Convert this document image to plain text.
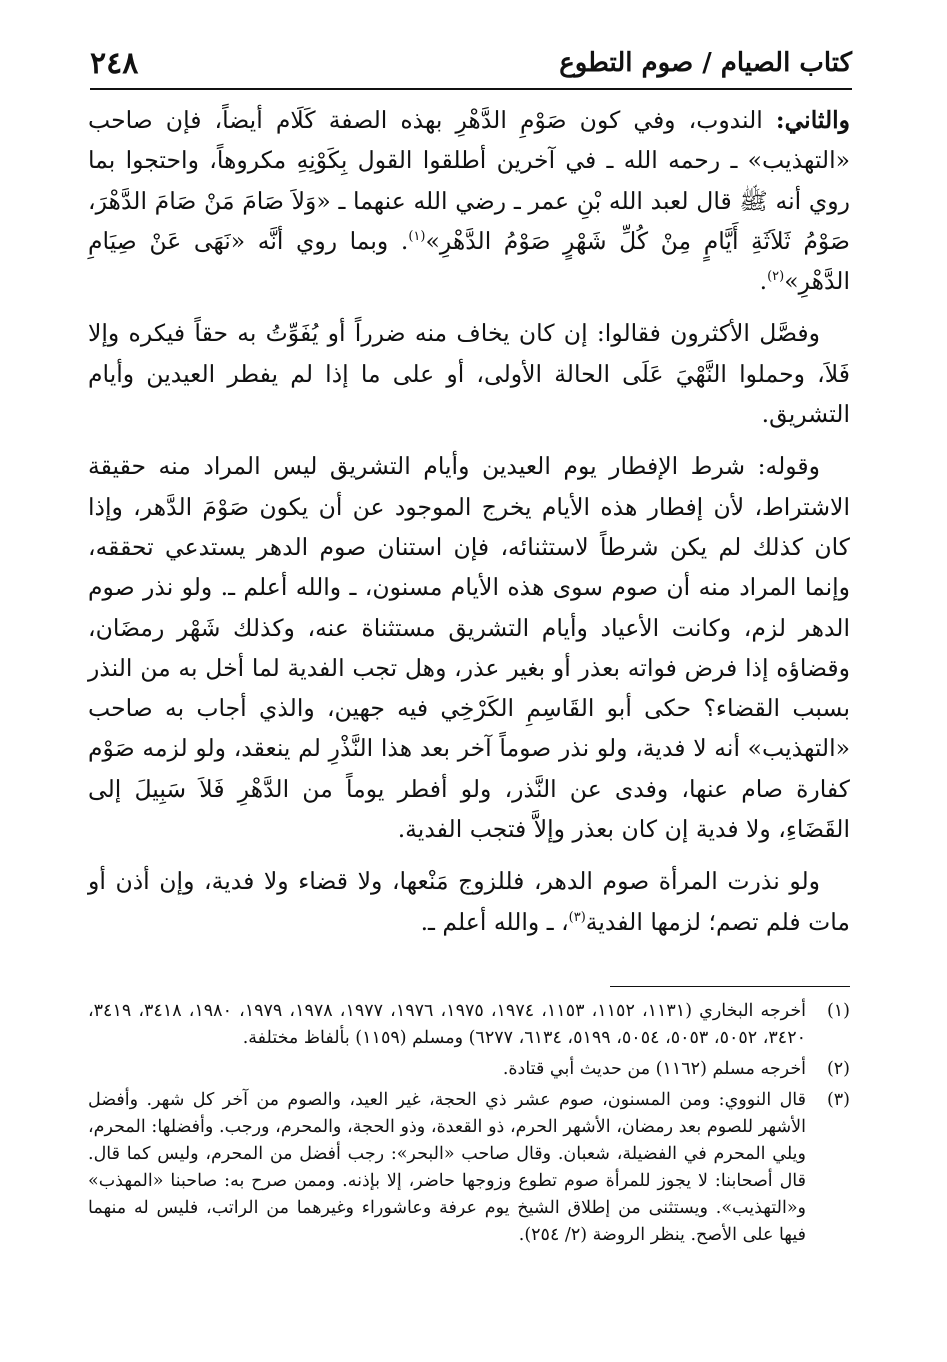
كتاب الصيام / صوم التطوع
٢٤٨

والثاني: الندوب، وفي كون صَوْمِ الدَّهْرِ بهذه الصفة كَلَام أيضاً، فإن صاحب «التهذيب» ـ رحمه الله ـ في آخرين أطلقوا القول بِكَوْنِهِ مكروهاً، واحتجوا بما روي أنه ﷺ قال لعبد الله بْنِ عمر ـ رضي الله عنهما ـ «وَلاَ صَامَ مَنْ صَامَ الدَّهْرَ، صَوْمُ ثَلاَثَةِ أَيَّامٍ مِنْ كُلِّ شَهْرٍ صَوْمُ الدَّهْرِ»$^{(١)}$. وبما روي أنَّه «نَهَى عَنْ صِيَامِ الدَّهْرِ»$^{(٢)}$.

وفصَّل الأكثرون فقالوا: إن كان يخاف منه ضرراً أو يُفَوِّتُ به حقاً فيكره وإلا فَلاَ، وحملوا النَّهْيَ عَلَى الحالة الأولى، أو على ما إذا لم يفطر العيدين وأيام التشريق.

وقوله: شرط الإفطار يوم العيدين وأيام التشريق ليس المراد منه حقيقة الاشتراط، لأن إفطار هذه الأيام يخرج الموجود عن أن يكون صَوْمَ الدَّهر، وإذا كان كذلك لم يكن شرطاً لاستثنائه، فإن استنان صوم الدهر يستدعي تحققه، وإنما المراد منه أن صوم سوى هذه الأيام مسنون، ـ والله أعلم ـ. ولو نذر صوم الدهر لزم، وكانت الأعياد وأيام التشريق مستثناة عنه، وكذلك شَهْر رمضَان، وقضاؤه إذا فرض فواته بعذر أو بغير عذر، وهل تجب الفدية لما أخل به من النذر بسبب القضاء؟ حكى أبو القَاسِمِ الكَرْخِي فيه جهين، والذي أجاب به صاحب «التهذيب» أنه لا فدية، ولو نذر صوماً آخر بعد هذا النَّذْرِ لم ينعقد، ولو لزمه صَوْم كفارة صام عنها، وفدى عن النَّذر، ولو أفطر يوماً من الدَّهْرِ فَلاَ سَبِيلَ إلى القَضَاءِ، ولا فدية إن كان بعذر وإلاَّ فتجب الفدية.

ولو نذرت المرأة صوم الدهر، فللزوج مَنْعها، ولا قضاء ولا فدية، وإن أذن أو مات فلم تصم؛ لزمها الفدية$^{(٣)}$، ـ والله أعلم ـ.

(١)
أخرجه البخاري (١١٣١، ١١٥٢، ١١٥٣، ١٩٧٤، ١٩٧٥، ١٩٧٦، ١٩٧٧، ١٩٧٨، ١٩٧٩، ١٩٨٠، ٣٤١٨، ٣٤١٩، ٣٤٢٠، ٥٠٥٢، ٥٠٥٣، ٥٠٥٤، ٥١٩٩، ٦١٣٤، ٦٢٧٧) ومسلم (١١٥٩) بألفاظ مختلفة.
(٢)
أخرجه مسلم (١١٦٢) من حديث أبي قتادة.
(٣)
قال النووي: ومن المسنون، صوم عشر ذي الحجة، غير العيد، والصوم من آخر كل شهر. وأفضل الأشهر للصوم بعد رمضان، الأشهر الحرم، ذو القعدة، وذو الحجة، والمحرم، ورجب. وأفضلها: المحرم، ويلي المحرم في الفضيلة، شعبان. وقال صاحب «البحر»: رجب أفضل من المحرم، وليس كما قال. قال أصحابنا: لا يجوز للمرأة صوم تطوع وزوجها حاضر، إلا بإذنه. وممن صرح به: صاحبنا «المهذب» و«التهذيب». ويستثنى من إطلاق الشيخ يوم عرفة وعاشوراء وغيرهما من الراتب، فليس له منهما فيها على الأصح. ينظر الروضة (٢/ ٢٥٤).
